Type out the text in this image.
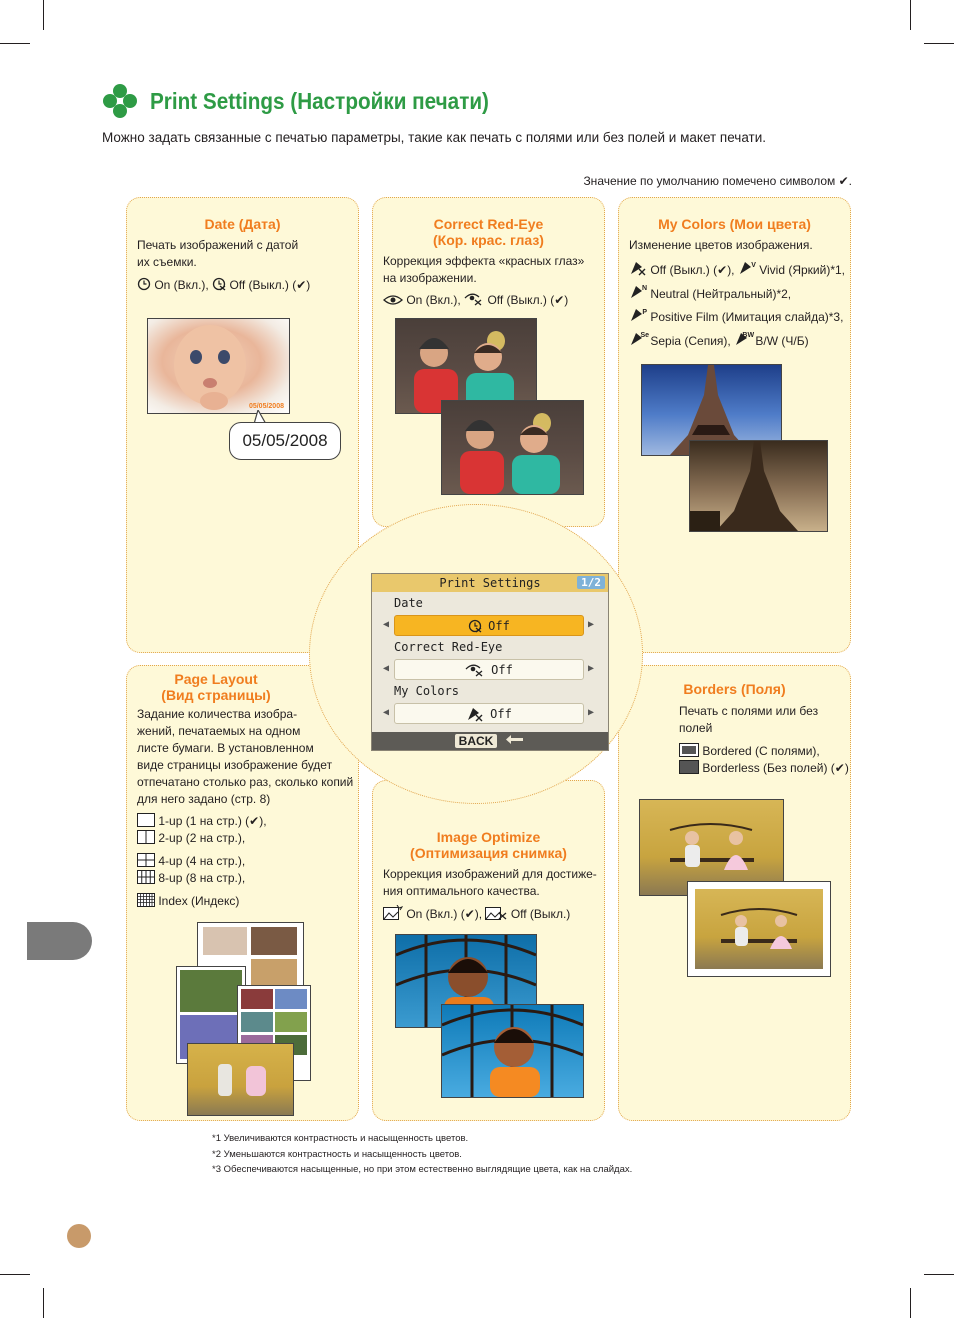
Print Settings (Настройки печати)
Можно задать связанные с печатью параметры, такие как печать с полями или без полей и макет печати.
Значение по умолчанию помечено символом ✔.
Date (Дата)
Печать изображений с датой
их съемки.
On (Вкл.), Off (Выкл.) (✔)
05/05/2008
05/05/2008
Correct Red-Eye
(Кор. крас. глаз)
Коррекция эффекта «красных глаз»
на изображении.
On (Вкл.), Off (Выкл.) (✔)
My Colors (Мои цвета)
Изменение цветов изображения.
Off (Выкл.) (✔), V Vivid (Яркий)*1,

N Neutral (Нейтральный)*2,

P Positive Film (Имитация слайда)*3,

Se Sepia (Сепия), BW B/W (Ч/Б)
Page Layout
(Вид страницы)
Задание количества изобра-
жений, печатаемых на одном
листе бумаги. В установленном
виде страницы изображение будет
отпечатано столько раз, сколько копий
для него задано (стр. 8)
1-up (1 на стр.) (✔),
2-up (2 на стр.),
4-up (4 на стр.),
8-up (8 на стр.),
Index (Индекс)
Image Optimize
(Оптимизация снимка)
Коррекция изображений для достиже-
ния оптимального качества.
On (Вкл.) (✔), Off (Выкл.)
Borders (Поля)
Печать с полями или без
полей
Bordered (С полями),
Borderless (Без полей) (✔)
Print Settings	1/2
Date
◀	Off	▶
Correct Red-Eye
◀	Off	▶
My Colors
◀	Off	▶
BACK
*1 Увеличиваются контрастность и насыщенность цветов.
*2 Уменьшаются контрастность и насыщенность цветов.
*3 Обеспечиваются насыщенные, но при этом естественно выглядящие цвета, как на слайдах.
